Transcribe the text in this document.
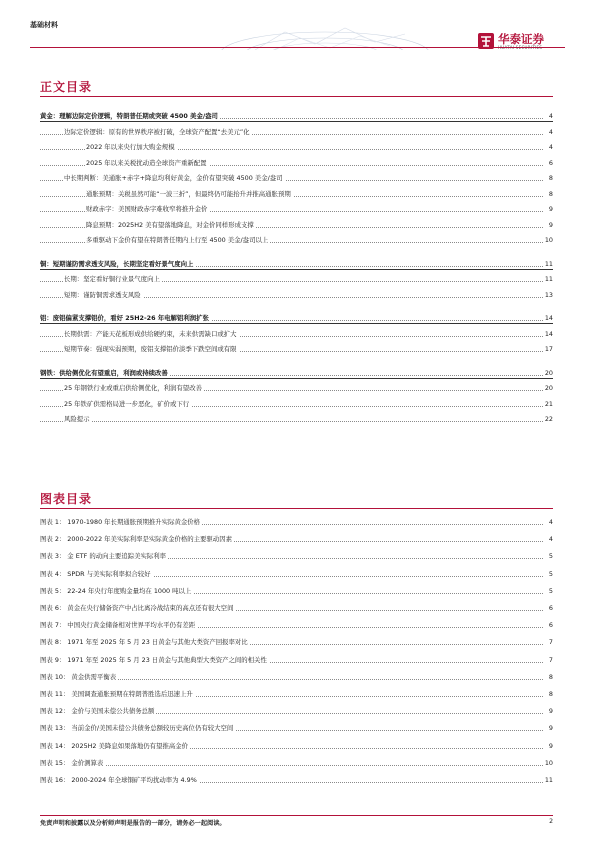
基础材料
华泰证券
HUATAI SECURITIES
正文目录
黄金：理解边际定价逻辑，特朗普任期或突破 4500 美金/盎司	4
边际定价逻辑：原有的世界秩序被打破，全球资产配置“去美元”化	4
2022 年以来央行加大购金规模	4
2025 年以来关税扰动造全球资产重新配置	6
中长期判断：美通胀+赤字+降息均利好黄金，金价有望突破 4500 美金/盎司	8
通胀预期：关税虽然可能“一波三折”，但最终仍可能抬升并推高通胀预期	8
财政赤字：美国财政赤字难收窄将推升金价	9
降息预期：2025H2 美有望落地降息，对金价同样形成支撑	9
多重驱动下金价有望在特朗普任期内上行至 4500 美金/盎司以上	10
铜：短期谨防需求透支风险，长期坚定看好景气度向上	11
长期：坚定看好铜行业景气度向上	11
短期：谨防铜需求透支风险	13
铝：废铝偏紧支撑铝价，看好 25H2-26 年电解铝利润扩张	14
长期供需：产能天花板形成供给硬约束，未来供需缺口或扩大	14
短期节奏：强现实弱预期，废铝支撑铝价淡季下跌空间或有限	17
钢铁：供给侧优化有望重启，利润或持续改善	20
25 年钢铁行业或重启供给侧优化，利润有望改善	20
25 年铁矿供需格局进一步恶化，矿价或下行	21
风险提示	22
图表目录
图表 1： 1970-1980 年长期通胀预期推升实际黄金价格	4
图表 2： 2000-2022 年美实际利率是实际黄金价格的主要驱动因素	4
图表 3： 金 ETF 的动向主要追踪美实际利率	5
图表 4： SPDR 与美实际利率拟合较好	5
图表 5： 22-24 年央行年度购金量均在 1000 吨以上	5
图表 6： 黄金在央行储备资产中占比离冷战结束的高点还有很大空间	6
图表 7： 中国央行黄金储备相对世界平均水平仍有差距	6
图表 8： 1971 年至 2025 年 5 月 23 日黄金与其他大类资产回报率对比	7
图表 9： 1971 年至 2025 年 5 月 23 日黄金与其他典型大类资产之间的相关性	7
图表 10： 黄金供需平衡表	8
图表 11： 美国调查通胀预期在特朗普胜选后迅速上升	8
图表 12： 金价与美国未偿公共债务总额	9
图表 13： 当前金价/美国未偿公共债务总额较历史高位仍有较大空间	9
图表 14： 2025H2 美降息如果落地仍有望推高金价	9
图表 15： 金价测算表	10
图表 16： 2000-2024 年全球铜矿平均扰动率为 4.9%	11
免责声明和披露以及分析师声明是报告的一部分，请务必一起阅读。	2
